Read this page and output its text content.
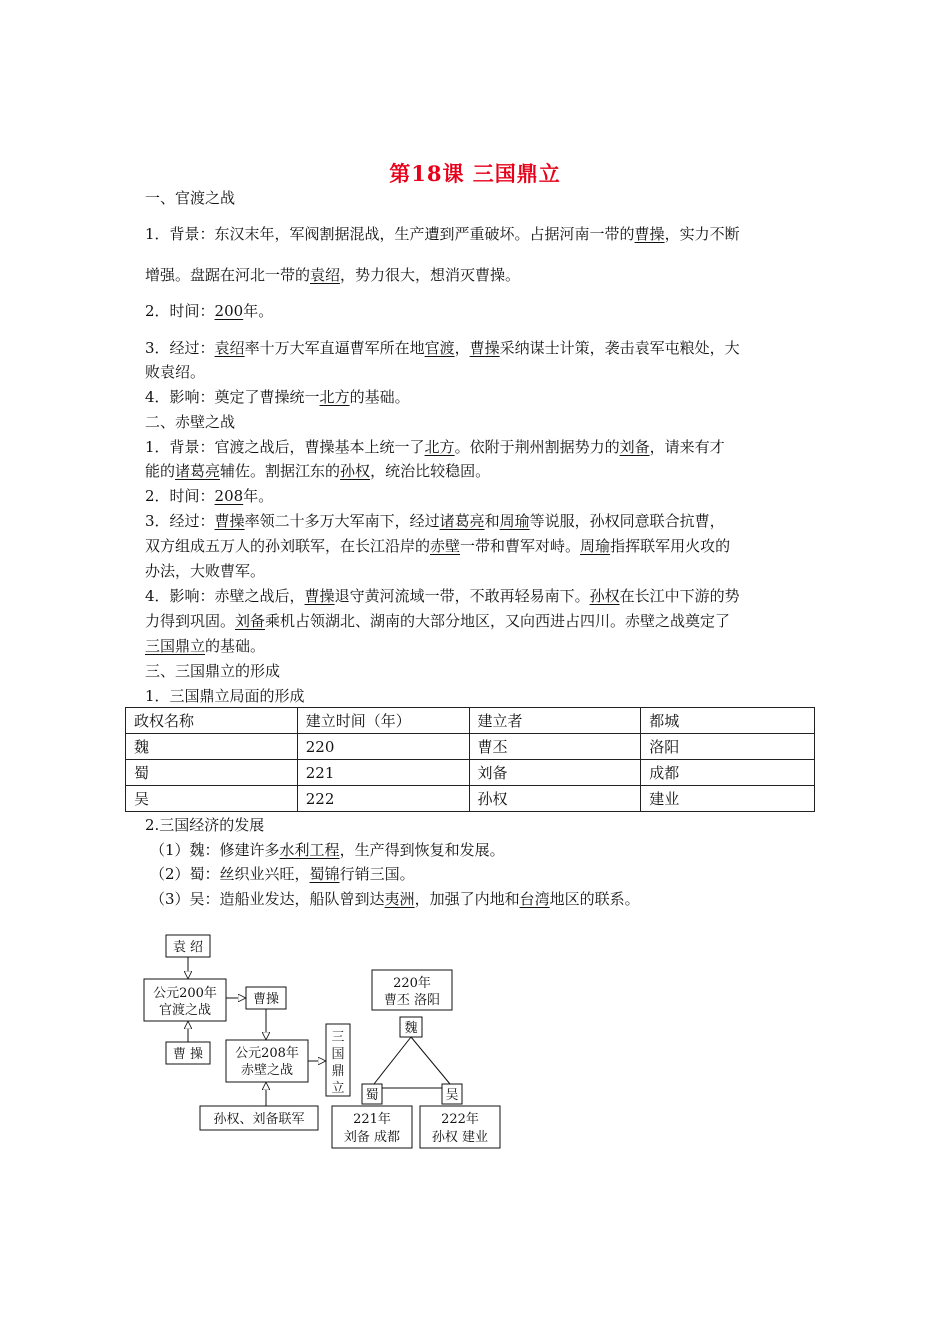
第18课 三国鼎立
一、官渡之战
1．背景：东汉末年，军阀割据混战，生产遭到严重破坏。占据河南一带的曹操，实力不断
增强。盘踞在河北一带的袁绍，势力很大，想消灭曹操。
2．时间：200年。
3．经过：袁绍率十万大军直逼曹军所在地官渡，曹操采纳谋士计策，袭击袁军屯粮处，大
败袁绍。
4．影响：奠定了曹操统一北方的基础。
二、赤壁之战
1．背景：官渡之战后，曹操基本上统一了北方。依附于荆州割据势力的刘备，请来有才
能的诸葛亮辅佐。割据江东的孙权，统治比较稳固。
2．时间：208年。
3．经过：曹操率领二十多万大军南下，经过诸葛亮和周瑜等说服，孙权同意联合抗曹，
双方组成五万人的孙刘联军，在长江沿岸的赤壁一带和曹军对峙。周瑜指挥联军用火攻的
办法，大败曹军。
4．影响：赤壁之战后，曹操退守黄河流域一带，不敢再轻易南下。孙权在长江中下游的势
力得到巩固。刘备乘机占领湖北、湖南的大部分地区，又向西进占四川。赤壁之战奠定了
三国鼎立的基础。
三、三国鼎立的形成
1．三国鼎立局面的形成
政权名称	建立时间（年）	建立者	都城
魏	220	曹丕	洛阳
蜀	221	刘备	成都
吴	222	孙权	建业
2.三国经济的发展
（1）魏：修建许多水利工程，生产得到恢复和发展。
（2）蜀：丝织业兴旺，蜀锦行销三国。
（3）吴：造船业发达，船队曾到达夷洲，加强了内地和台湾地区的联系。
袁 绍
公元200年
官渡之战
曹操
曹 操 公元208年
赤壁之战
三
国
鼎
立
孙权、刘备联军
220年
曹丕 洛阳
魏
蜀	吴
221年
刘备 成都
222年
孙权 建业
